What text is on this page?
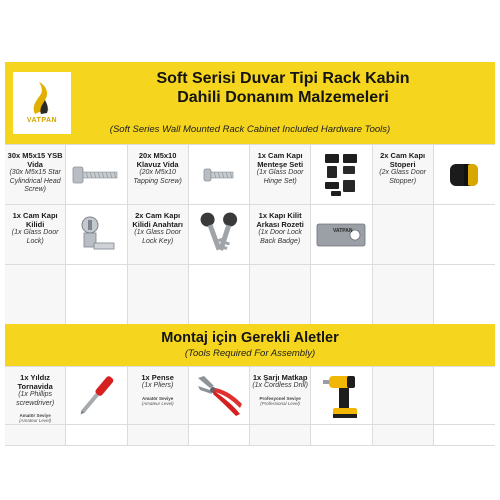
VATPAN
Soft Serisi Duvar Tipi Rack Kabin
Dahili Donanım Malzemeleri
(Soft Series Wall Mounted Rack Cabinet Included Hardware Tools)
30x M5x15 YSB Vida
(30x M5x15 Star Cylindrical Head Screw)
20x M5x10 Klavuz Vida
(20x M5x10 Tapping Screw)
1x Cam Kapı Menteşe Seti
(1x Glass Door Hinge Set)
2x Cam Kapı Stoperi
(2x Glass Door Stopper)
1x Cam Kapı Kilidi
(1x Glass Door Lock)
2x Cam Kapı Kilidi Anahtarı
(1x Glass Door Lock Key)
1x Kapı Kilit Arkası Rozeti
(1x Door Lock Back Badge)
VATPAN
Montaj için Gerekli Aletler
(Tools Required For Assembly)
1x Yıldız Tornavida
(1x Phillips screwdriver)
Amatör Seviye
(Amateur Level)
1x Pense
(1x Pliers)
Amatör Seviye
(Amateur Level)
1x Şarjı Matkap
(1x Cordless Drill)
Profesyonel Seviye
(Professional Level)
